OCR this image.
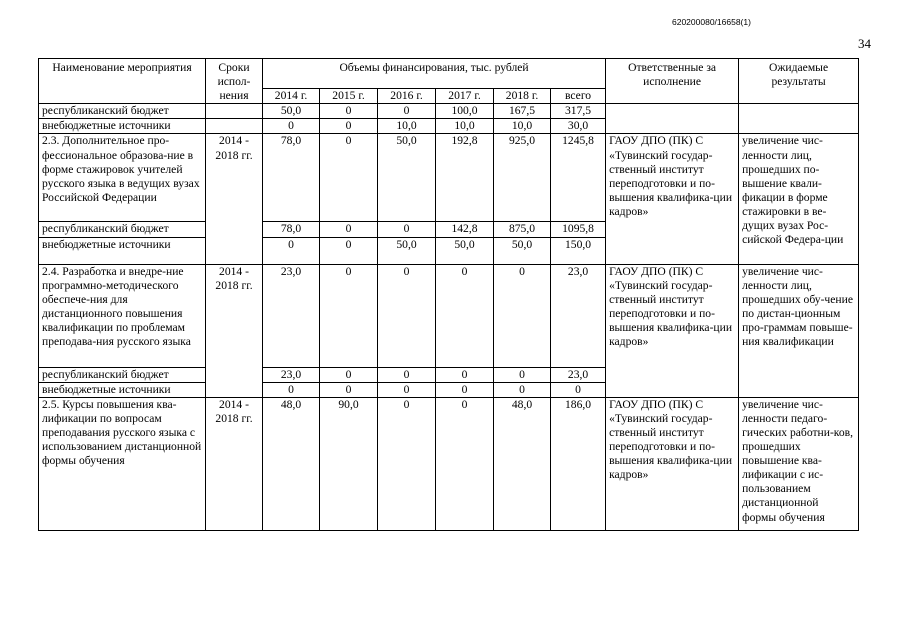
620200080/16658(1)
34
Наименование мероприятия	Сроки испол-нения	Объемы финансирования, тыс. рублей						Ответственные за исполнение	Ожидаемые результаты
		2014 г.	2015 г.	2016 г.	2017 г.	2018 г.	всего		
республиканский бюджет		50,0	0	0	100,0	167,5	317,5		
внебюджетные источники		0	0	10,0	10,0	10,0	30,0		
2.3. Дополнительное про-фессиональное образова-ние в форме стажировок учителей русского языка в ведущих вузах Российской Федерации	2014 - 2018 гг.	78,0	0	50,0	192,8	925,0	1245,8	ГАОУ ДПО (ПК) С «Тувинский государ-ственный институт переподготовки и по-вышения квалифика-ции кадров»	увеличение чис-ленности лиц, прошедших по-вышение квали-фикации в форме стажировки в ве-дущих вузах Рос-сийской Федера-ции
республиканский бюджет		78,0	0	0	142,8	875,0	1095,8		
внебюджетные источники		0	0	50,0	50,0	50,0	150,0		
2.4. Разработка и внедре-ние программно-методического обеспече-ния для дистанционного повышения квалификации по проблемам преподава-ния русского языка	2014 - 2018 гг.	23,0	0	0	0	0	23,0	ГАОУ ДПО (ПК) С «Тувинский государ-ственный институт переподготовки и по-вышения квалифика-ции кадров»	увеличение чис-ленности лиц, прошедших обу-чение по дистан-ционным про-граммам повыше-ния квалификации
республиканский бюджет		23,0	0	0	0	0	23,0		
внебюджетные источники		0	0	0	0	0	0		
2.5. Курсы повышения ква-лификации по вопросам преподавания русского языка с использованием дистанционной формы обучения	2014 - 2018 гг.	48,0	90,0	0	0	48,0	186,0	ГАОУ ДПО (ПК) С «Тувинский государ-ственный институт переподготовки и по-вышения квалифика-ции кадров»	увеличение чис-ленности педаго-гических работни-ков, прошедших повышение ква-лификации с ис-пользованием дистанционной формы обучения
